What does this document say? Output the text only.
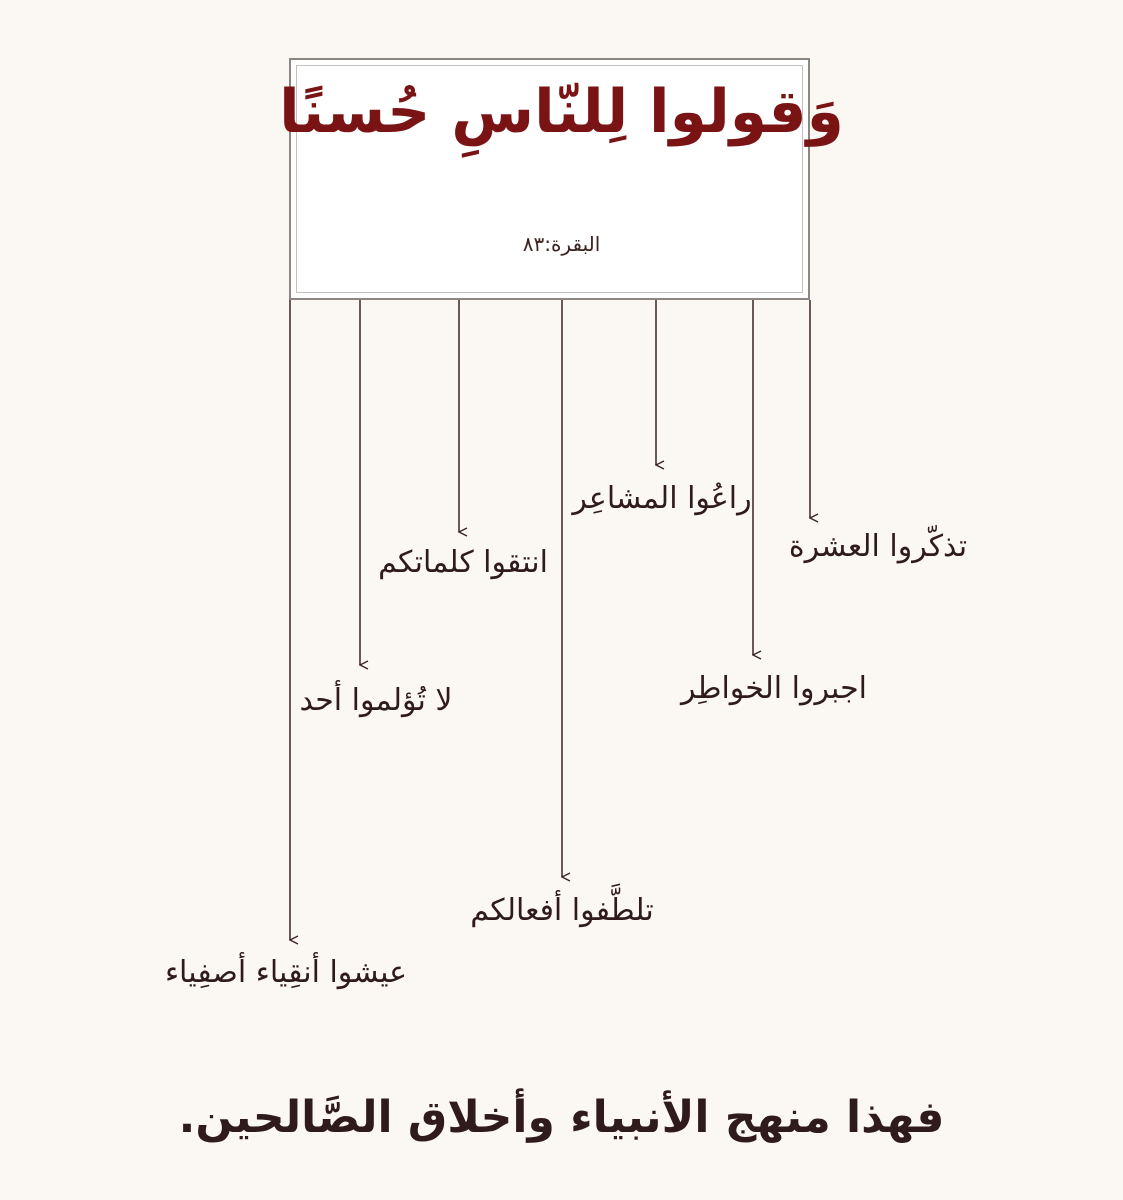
وَقولوا لِلنّاسِ حُسنًا
البقرة:٨٣
تذكّروا العشرة
اجبروا الخواطِر
راعُوا المشاعِر
تلطَّفوا أفعالكم
انتقوا كلماتكم
لا تُؤلموا أحد
عيشوا أنقِياء أصفِياء
فهذا منهج الأنبياء وأخلاق الصَّالحين.
